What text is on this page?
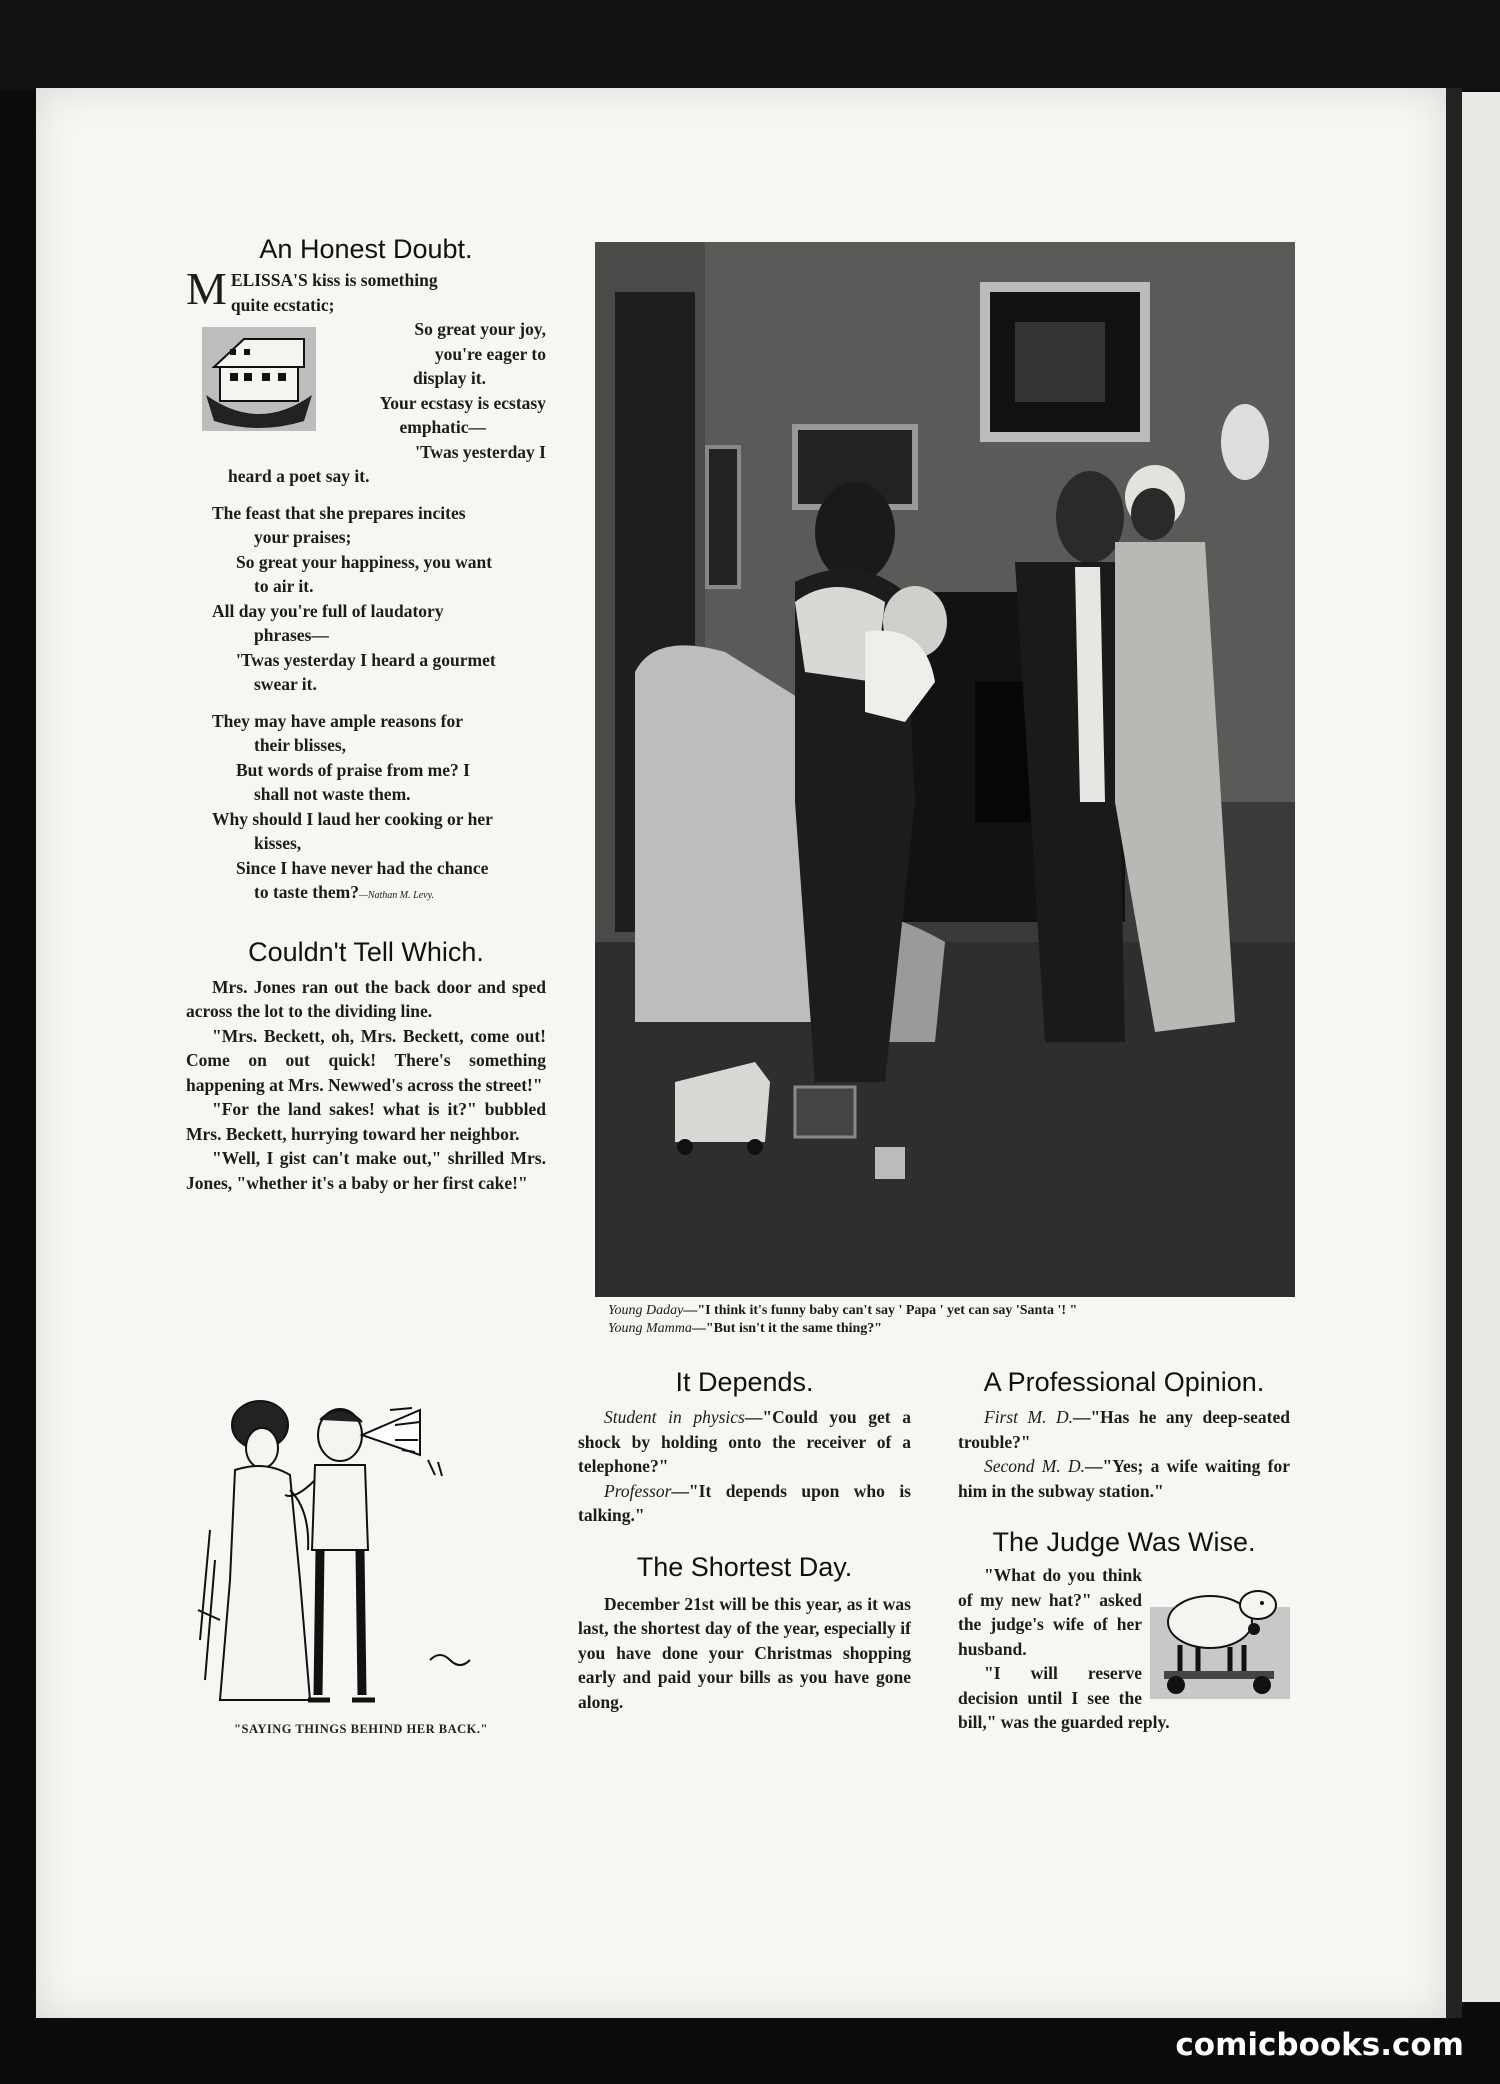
An Honest Doubt.

M ELISSA'S kiss is something
quite ecstatic;

So great your joy,
you're eager to
display it.
Your ecstasy is ecstasy
emphatic—
'Twas yesterday I

heard a poet say it.

The feast that she prepares incites

your praises;

So great your happiness, you want

to air it.

All day you're full of laudatory

phrases—

'Twas yesterday I heard a gourmet

swear it.

They may have ample reasons for

their blisses,

But words of praise from me? I

shall not waste them.

Why should I laud her cooking or her

kisses,

Since I have never had the chance

to taste them?—Nathan M. Levy.

Couldn't Tell Which.

Mrs. Jones ran out the back door and sped across the lot to the dividing line.

"Mrs. Beckett, oh, Mrs. Beckett, come out! Come on out quick! There's something happening at Mrs. Newwed's across the street!"

"For the land sakes! what is it?" bubbled Mrs. Beckett, hurrying toward her neighbor.

"Well, I gist can't make out," shrilled Mrs. Jones, "whether it's a baby or her first cake!"

Young Daday—"I think it's funny baby can't say ' Papa ' yet can say 'Santa '! "
Young Mamma—"But isn't it the same thing?"
"SAYING THINGS BEHIND HER BACK."
It Depends.

Student in physics—"Could you get a shock by holding onto the receiver of a telephone?"

Professor—"It depends upon who is talking."

The Shortest Day.

December 21st will be this year, as it was last, the shortest day of the year, especially if you have done your Christmas shopping early and paid your bills as you have gone along.

A Professional Opinion.

First M. D.—"Has he any deep-seated trouble?"

Second M. D.—"Yes; a wife waiting for him in the subway station."

The Judge Was Wise.

"What do you think of my new hat?" asked the judge's wife of her husband.

"I will reserve decision until I see the bill," was the guarded reply.

comicbooks.com
